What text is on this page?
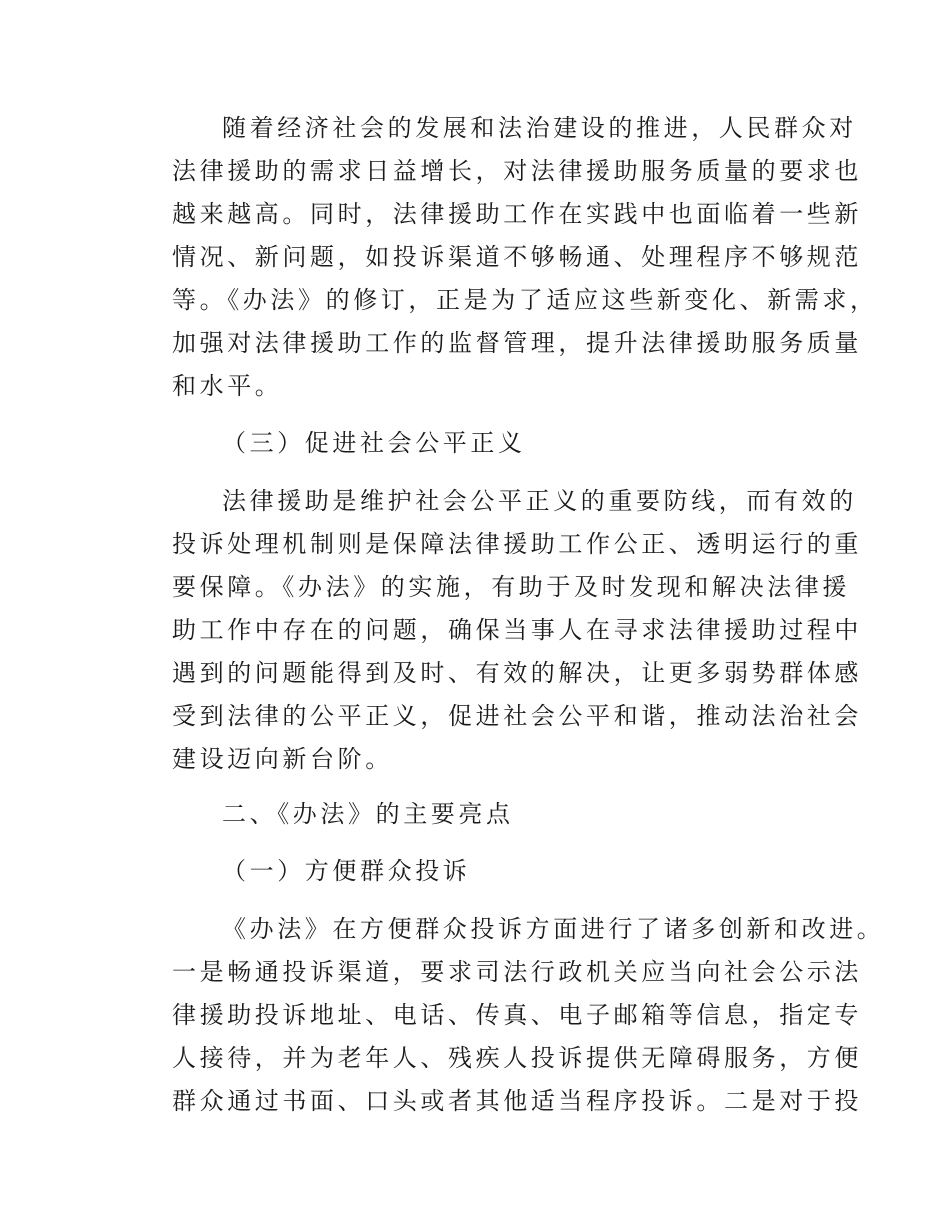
随着经济社会的发展和法治建设的推进，人民群众对
法律援助的需求日益增长，对法律援助服务质量的要求也
越来越高。同时，法律援助工作在实践中也面临着一些新
情况、新问题，如投诉渠道不够畅通、处理程序不够规范
等。《办法》的修订，正是为了适应这些新变化、新需求，
加强对法律援助工作的监督管理，提升法律援助服务质量
和水平。
（三）促进社会公平正义
法律援助是维护社会公平正义的重要防线，而有效的
投诉处理机制则是保障法律援助工作公正、透明运行的重
要保障。《办法》的实施，有助于及时发现和解决法律援
助工作中存在的问题，确保当事人在寻求法律援助过程中
遇到的问题能得到及时、有效的解决，让更多弱势群体感
受到法律的公平正义，促进社会公平和谐，推动法治社会
建设迈向新台阶。
二、《办法》的主要亮点
（一）方便群众投诉
《办法》在方便群众投诉方面进行了诸多创新和改进。
一是畅通投诉渠道，要求司法行政机关应当向社会公示法
律援助投诉地址、电话、传真、电子邮箱等信息，指定专
人接待，并为老年人、残疾人投诉提供无障碍服务，方便
群众通过书面、口头或者其他适当程序投诉。二是对于投
